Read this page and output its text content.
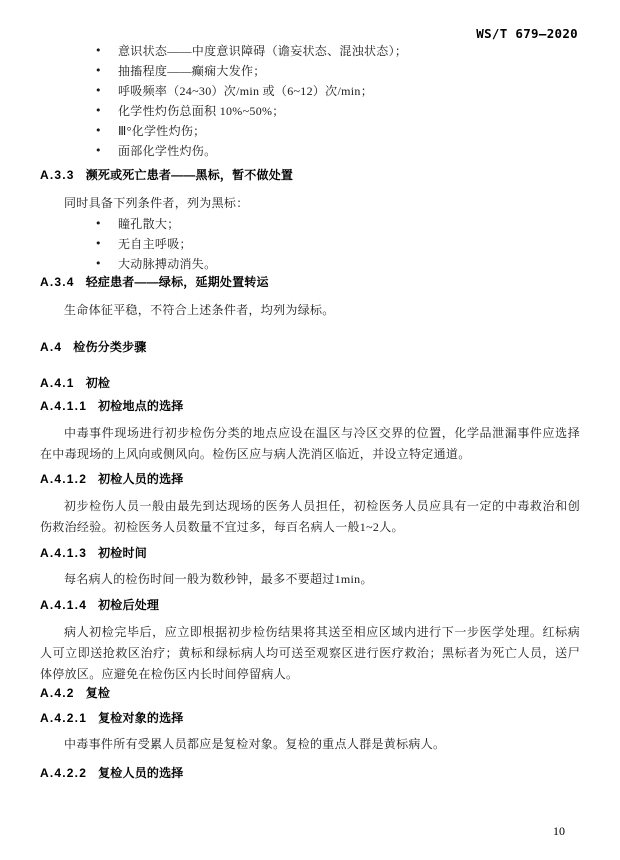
WS/T 679—2020
• 意识状态——中度意识障碍（谵妄状态、混浊状态）；
• 抽搐程度——癫痫大发作；
• 呼吸频率（24~30）次/min 或（6~12）次/min；
• 化学性灼伤总面积 10%~50%；
• Ⅲ°化学性灼伤；
• 面部化学性灼伤。
A.3.3 濒死或死亡患者——黑标，暂不做处置

同时具备下列条件者，列为黑标：

• 瞳孔散大；
• 无自主呼吸；
• 大动脉搏动消失。
A.3.4 轻症患者——绿标，延期处置转运

生命体征平稳，不符合上述条件者，均列为绿标。

A.4 检伤分类步骤
A.4.1 初检
A.4.1.1 初检地点的选择

中毒事件现场进行初步检伤分类的地点应设在温区与冷区交界的位置，化学品泄漏事件应选择在中毒现场的上风向或侧风向。检伤区应与病人洗消区临近，并设立特定通道。

A.4.1.2 初检人员的选择

初步检伤人员一般由最先到达现场的医务人员担任，初检医务人员应具有一定的中毒救治和创伤救治经验。初检医务人员数量不宜过多，每百名病人一般1~2人。

A.4.1.3 初检时间

每名病人的检伤时间一般为数秒钟，最多不要超过1min。

A.4.1.4 初检后处理

病人初检完毕后，应立即根据初步检伤结果将其送至相应区域内进行下一步医学处理。红标病人可立即送抢救区治疗；黄标和绿标病人均可送至观察区进行医疗救治；黑标者为死亡人员，送尸体停放区。应避免在检伤区内长时间停留病人。

A.4.2 复检
A.4.2.1 复检对象的选择

中毒事件所有受累人员都应是复检对象。复检的重点人群是黄标病人。

A.4.2.2 复检人员的选择
10
